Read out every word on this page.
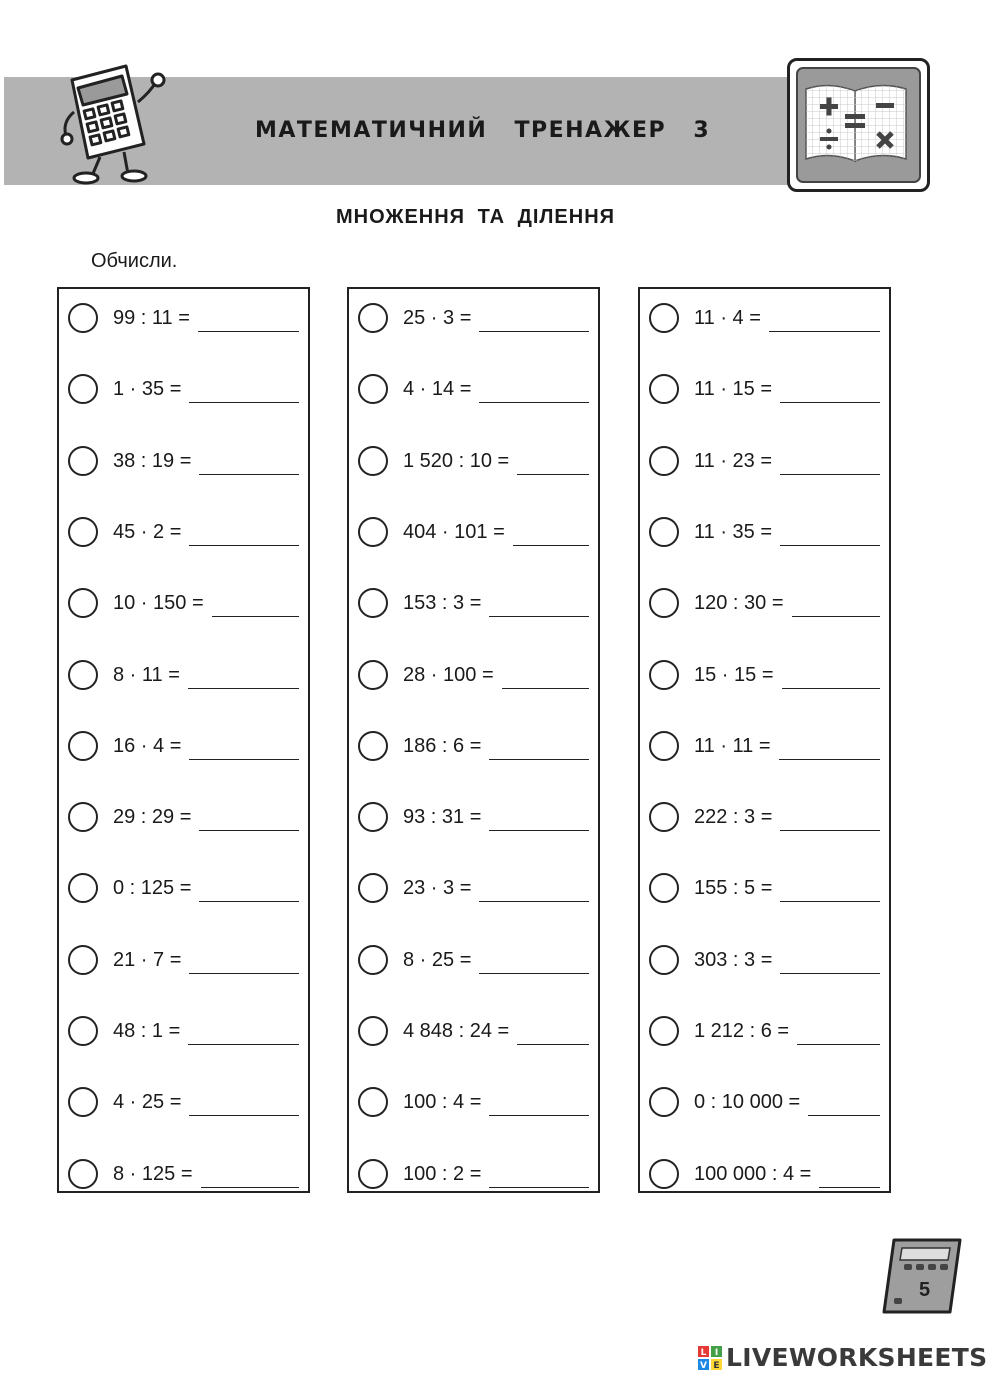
МАТЕМАТИЧНИЙ ТРЕНАЖЕР 3
МНОЖЕННЯ ТА ДІЛЕННЯ
Обчисли.
99 : 11 =
1 · 35 =
38 : 19 =
45 · 2 =
10 · 150 =
8 · 11 =
16 · 4 =
29 : 29 =
0 : 125 =
21 · 7 =
48 : 1 =
4 · 25 =
8 · 125 =
25 · 3 =
4 · 14 =
1 520 : 10 =
404 · 101 =
153 : 3 =
28 · 100 =
186 : 6 =
93 : 31 =
23 · 3 =
8 · 25 =
4 848 : 24 =
100 : 4 =
100 : 2 =
11 · 4 =
11 · 15 =
11 · 23 =
11 · 35 =
120 : 30 =
15 · 15 =
11 · 11 =
222 : 3 =
155 : 5 =
303 : 3 =
1 212 : 6 =
0 : 10 000 =
100 000 : 4 =
5
L I
V E LIVEWORKSHEETS
